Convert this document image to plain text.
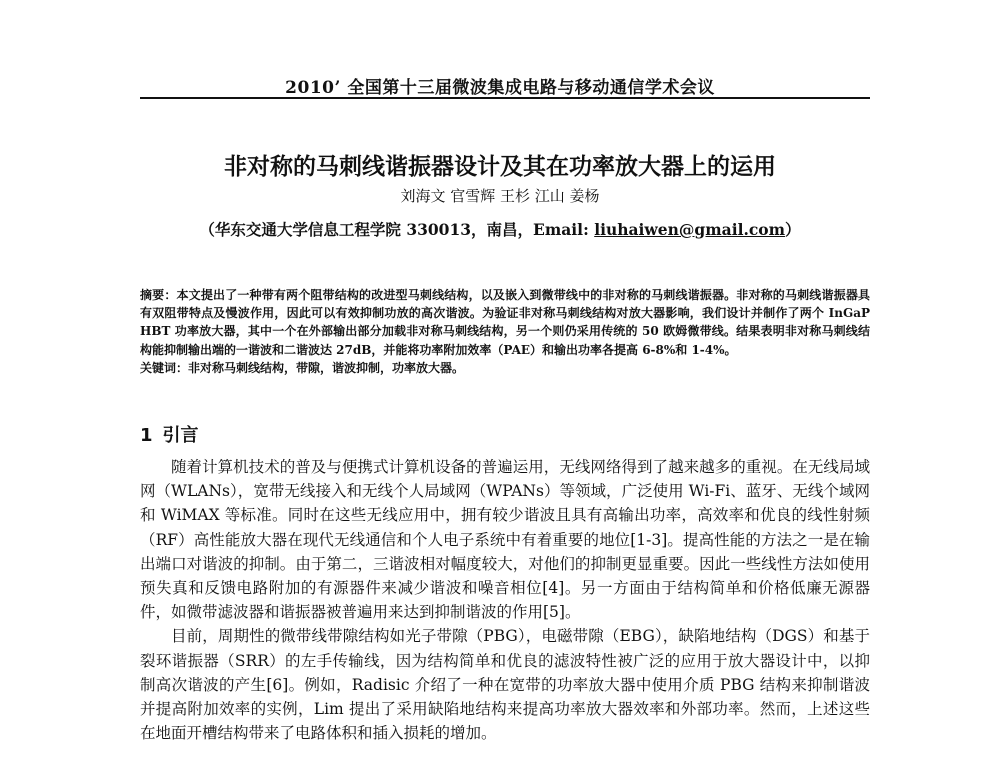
2010’ 全国第十三届微波集成电路与移动通信学术会议
非对称的马刺线谐振器设计及其在功率放大器上的运用
刘海文 官雪辉 王杉 江山 姜杨
（华东交通大学信息工程学院 330013，南昌，Email: liuhaiwen@gmail.com）

摘要：本文提出了一种带有两个阻带结构的改进型马刺线结构，以及嵌入到微带线中的非对称的马刺线谐振器。非对称的马刺线谐振器具有双阻带特点及慢波作用，因此可以有效抑制功放的高次谐波。为验证非对称马刺线结构对放大器影响，我们设计并制作了两个 InGaP HBT 功率放大器，其中一个在外部输出部分加载非对称马刺线结构，另一个则仍采用传统的 50 欧姆微带线。结果表明非对称马刺线结构能抑制输出端的一谐波和二谐波达 27dB，并能将功率附加效率（PAE）和输出功率各提高 6-8%和 1-4%。

关键词：非对称马刺线结构，带隙，谐波抑制，功率放大器。

1 引言

随着计算机技术的普及与便携式计算机设备的普遍运用，无线网络得到了越来越多的重视。在无线局域网（WLANs），宽带无线接入和无线个人局域网（WPANs）等领域，广泛使用 Wi-Fi、蓝牙、无线个域网和 WiMAX 等标准。同时在这些无线应用中，拥有较少谐波且具有高输出功率，高效率和优良的线性射频（RF）高性能放大器在现代无线通信和个人电子系统中有着重要的地位[1-3]。提高性能的方法之一是在输出端口对谐波的抑制。由于第二，三谐波相对幅度较大，对他们的抑制更显重要。因此一些线性方法如使用预失真和反馈电路附加的有源器件来减少谐波和噪音相位[4]。另一方面由于结构简单和价格低廉无源器件，如微带滤波器和谐振器被普遍用来达到抑制谐波的作用[5]。

目前，周期性的微带线带隙结构如光子带隙（PBG），电磁带隙（EBG），缺陷地结构（DGS）和基于裂环谐振器（SRR）的左手传输线，因为结构简单和优良的滤波特性被广泛的应用于放大器设计中，以抑制高次谐波的产生[6]。例如，Radisic 介绍了一种在宽带的功率放大器中使用介质 PBG 结构来抑制谐波并提高附加效率的实例，Lim 提出了采用缺陷地结构来提高功率放大器效率和外部功率。然而，上述这些在地面开槽结构带来了电路体积和插入损耗的增加。
